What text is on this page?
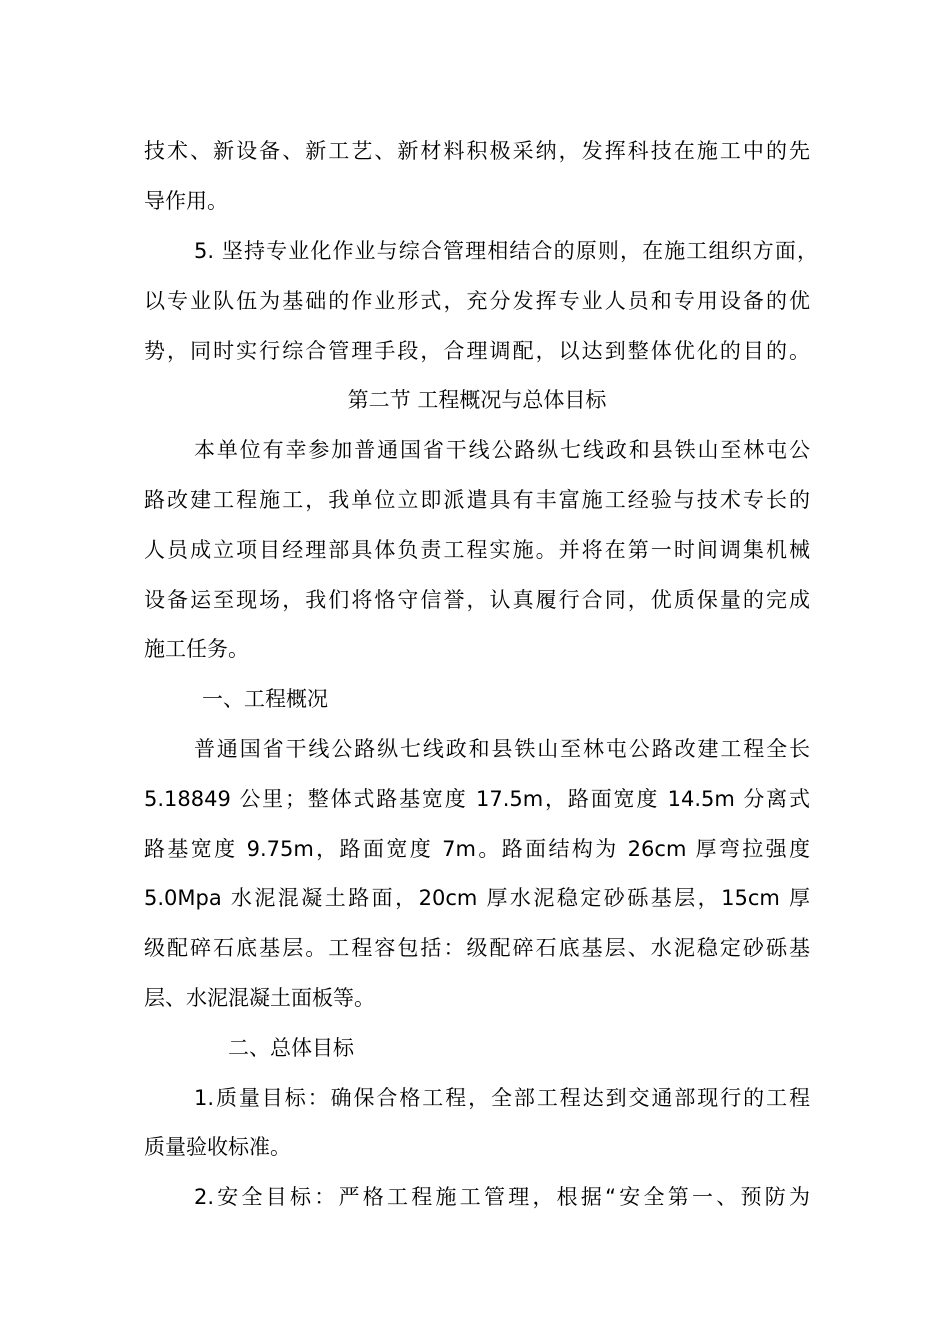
技术、新设备、新工艺、新材料积极采纳，发挥科技在施工中的先
导作用。
5. 坚持专业化作业与综合管理相结合的原则，在施工组织方面，
以专业队伍为基础的作业形式，充分发挥专业人员和专用设备的优
势，同时实行综合管理手段，合理调配，以达到整体优化的目的。
第二节 工程概况与总体目标
本单位有幸参加普通国省干线公路纵七线政和县铁山至林屯公
路改建工程施工，我单位立即派遣具有丰富施工经验与技术专长的
人员成立项目经理部具体负责工程实施。并将在第一时间调集机械
设备运至现场，我们将恪守信誉，认真履行合同，优质保量的完成
施工任务。
一、工程概况
普通国省干线公路纵七线政和县铁山至林屯公路改建工程全长
5.18849 公里；整体式路基宽度 17.5m，路面宽度 14.5m 分离式
路基宽度 9.75m，路面宽度 7m。路面结构为 26cm 厚弯拉强度
5.0Mpa 水泥混凝土路面，20cm 厚水泥稳定砂砾基层，15cm 厚
级配碎石底基层。工程容包括：级配碎石底基层、水泥稳定砂砾基
层、水泥混凝土面板等。
二、总体目标
1.质量目标：确保合格工程，全部工程达到交通部现行的工程
质量验收标准。
2.安全目标：严格工程施工管理，根据“安全第一、预防为
